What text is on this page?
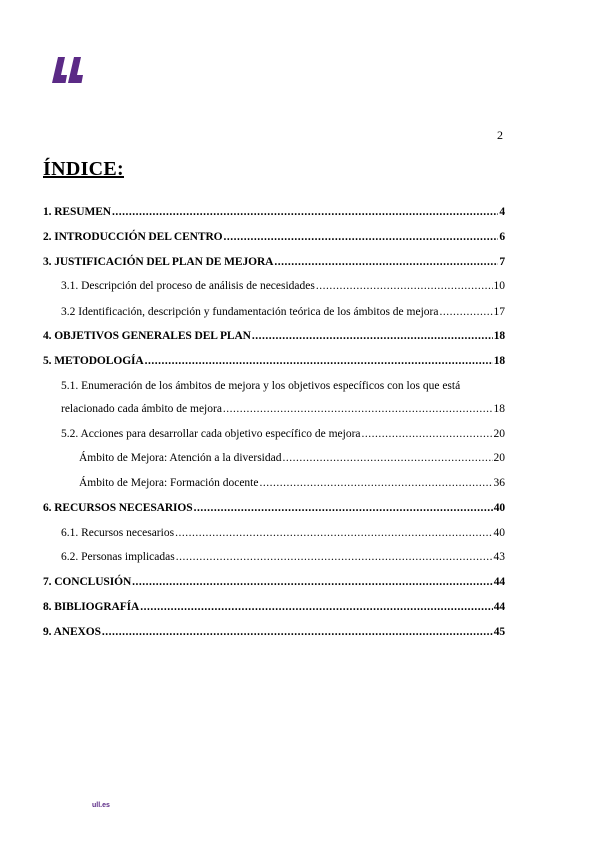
2
ÍNDICE:
1. RESUMEN .....	4
2. INTRODUCCIÓN DEL CENTRO .....	6
3. JUSTIFICACIÓN DEL PLAN DE MEJORA .....	7
3.1. Descripción del proceso de análisis de necesidades .....	10
3.2 Identificación, descripción y fundamentación teórica de los ámbitos de mejora .....	17
4. OBJETIVOS GENERALES DEL PLAN .....	18
5. METODOLOGÍA .....	18
5.1. Enumeración de los ámbitos de mejora y los objetivos específicos con los que está
relacionado cada ámbito de mejora .....	18
5.2. Acciones para desarrollar cada objetivo específico de mejora .....	20
Ámbito de Mejora: Atención a la diversidad .....	20
Ámbito de Mejora: Formación docente .....	36
6. RECURSOS NECESARIOS .....	40
6.1. Recursos necesarios .....	40
6.2. Personas implicadas .....	43
7. CONCLUSIÓN .....	44
8. BIBLIOGRAFÍA .....	44
9. ANEXOS .....	45
ull.es
